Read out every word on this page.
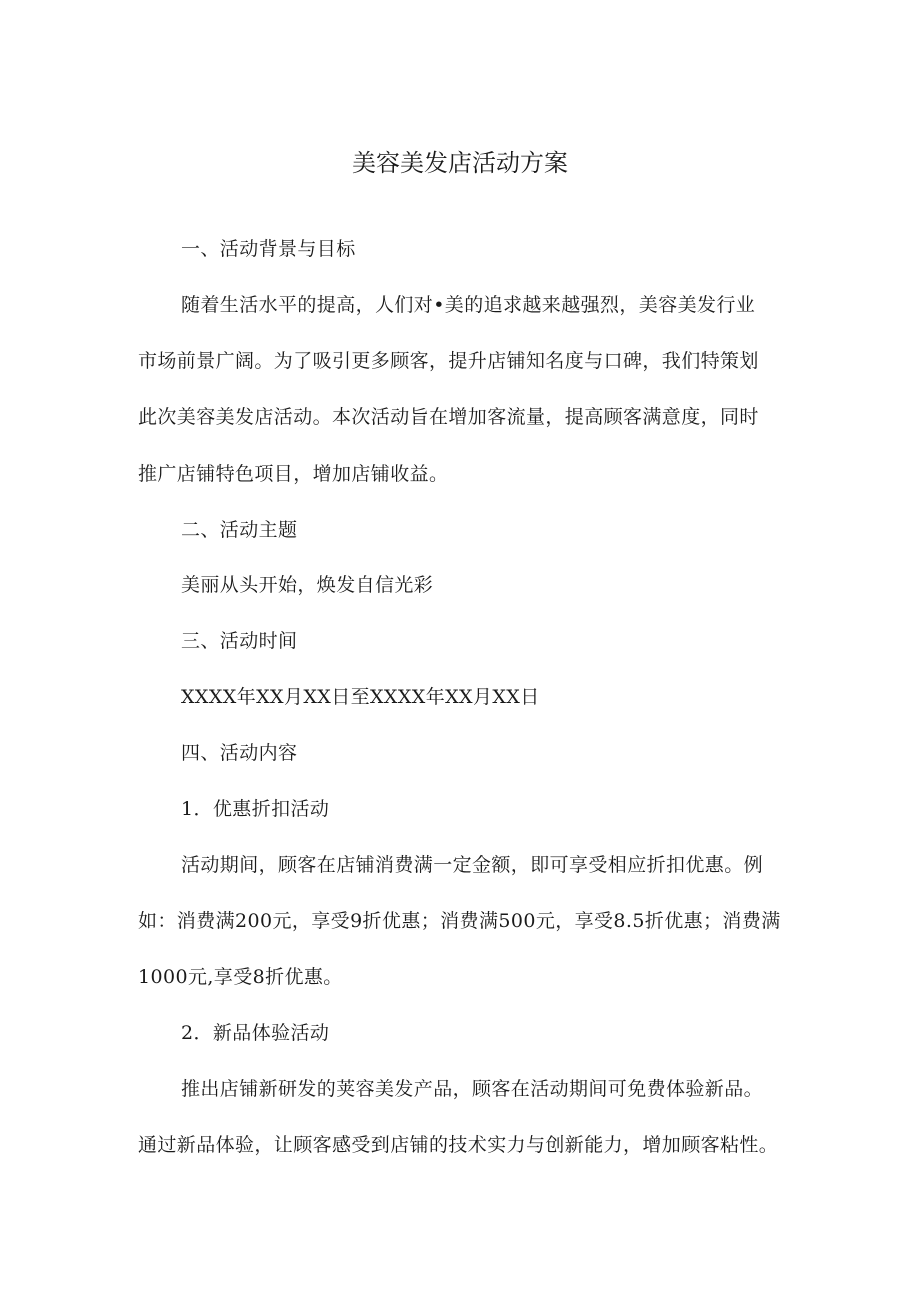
美容美发店活动方案
一、活动背景与目标
随着生活水平的提高，人们对•美的追求越来越强烈，美容美发行业
市场前景广阔。为了吸引更多顾客，提升店铺知名度与口碑，我们特策划
此次美容美发店活动。本次活动旨在增加客流量，提高顾客满意度，同时
推广店铺特色项目，增加店铺收益。
二、活动主题
美丽从头开始，焕发自信光彩
三、活动时间
XXXX年XX月XX日至XXXX年XX月XX日
四、活动内容
1．优惠折扣活动
活动期间，顾客在店铺消费满一定金额，即可享受相应折扣优惠。例
如：消费满200元，享受9折优惠；消费满500元，享受8.5折优惠；消费满
1000元,享受8折优惠。
2．新品体验活动
推出店铺新研发的荚容美发产品，顾客在活动期间可免费体验新品。
通过新品体验，让顾客感受到店铺的技术实力与创新能力，增加顾客粘性。
